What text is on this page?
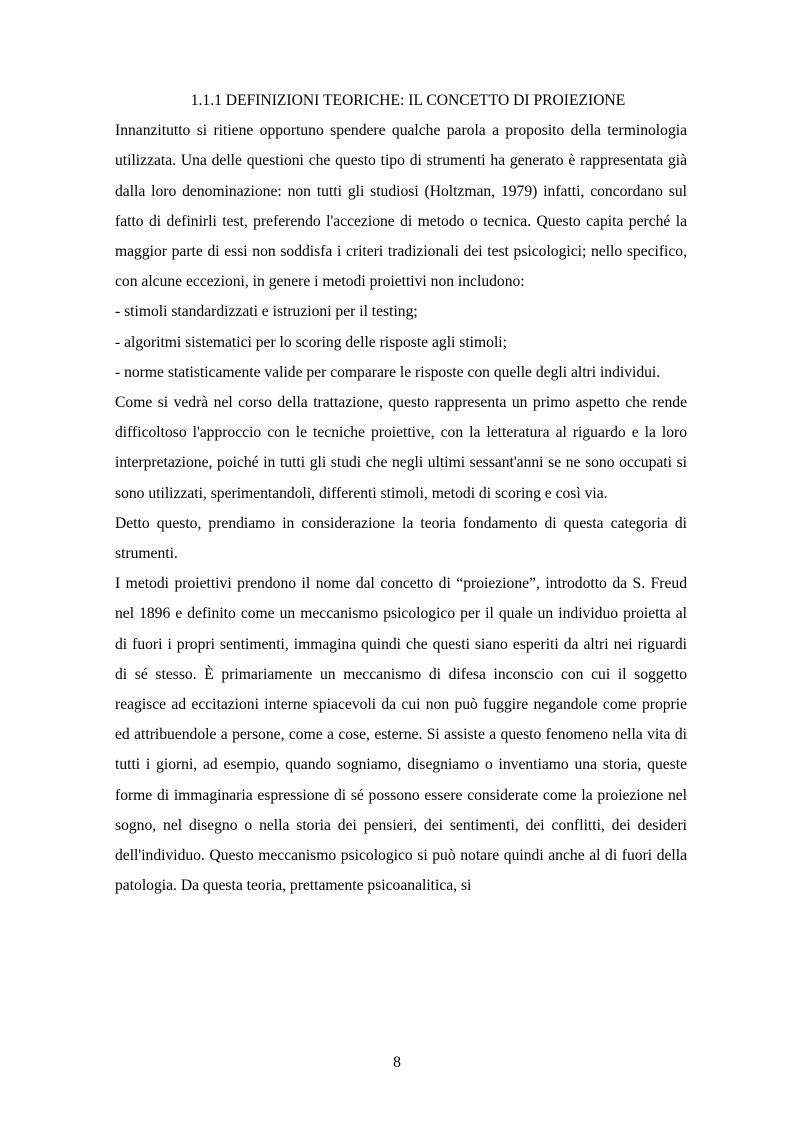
1.1.1 DEFINIZIONI TEORICHE: IL CONCETTO DI PROIEZIONE

Innanzitutto si ritiene opportuno spendere qualche parola a proposito della terminologia utilizzata. Una delle questioni che questo tipo di strumenti ha generato è rappresentata già dalla loro denominazione: non tutti gli studiosi (Holtzman, 1979) infatti, concordano sul fatto di definirli test, preferendo l'accezione di metodo o tecnica. Questo capita perché la maggior parte di essi non soddisfa i criteri tradizionali dei test psicologici; nello specifico, con alcune eccezioni, in genere i metodi proiettivi non includono:

- stimoli standardizzati e istruzioni per il testing;

- algoritmi sistematici per lo scoring delle risposte agli stimoli;

- norme statisticamente valide per comparare le risposte con quelle degli altri individui.

Come si vedrà nel corso della trattazione, questo rappresenta un primo aspetto che rende difficoltoso l'approccio con le tecniche proiettive, con la letteratura al riguardo e la loro interpretazione, poiché in tutti gli studi che negli ultimi sessant'anni se ne sono occupati si sono utilizzati, sperimentandoli, differenti stimoli, metodi di scoring e così via.

Detto questo, prendiamo in considerazione la teoria fondamento di questa categoria di strumenti.

I metodi proiettivi prendono il nome dal concetto di “proiezione”, introdotto da S. Freud nel 1896 e definito come un meccanismo psicologico per il quale un individuo proietta al di fuori i propri sentimenti, immagina quindi che questi siano esperiti da altri nei riguardi di sé stesso. È primariamente un meccanismo di difesa inconscio con cui il soggetto reagisce ad eccitazioni interne spiacevoli da cui non può fuggire negandole come proprie ed attribuendole a persone, come a cose, esterne. Si assiste a questo fenomeno nella vita di tutti i giorni, ad esempio, quando sogniamo, disegniamo o inventiamo una storia, queste forme di immaginaria espressione di sé possono essere considerate come la proiezione nel sogno, nel disegno o nella storia dei pensieri, dei sentimenti, dei conflitti, dei desideri dell'individuo. Questo meccanismo psicologico si può notare quindi anche al di fuori della patologia. Da questa teoria, prettamente psicoanalitica, si

8
